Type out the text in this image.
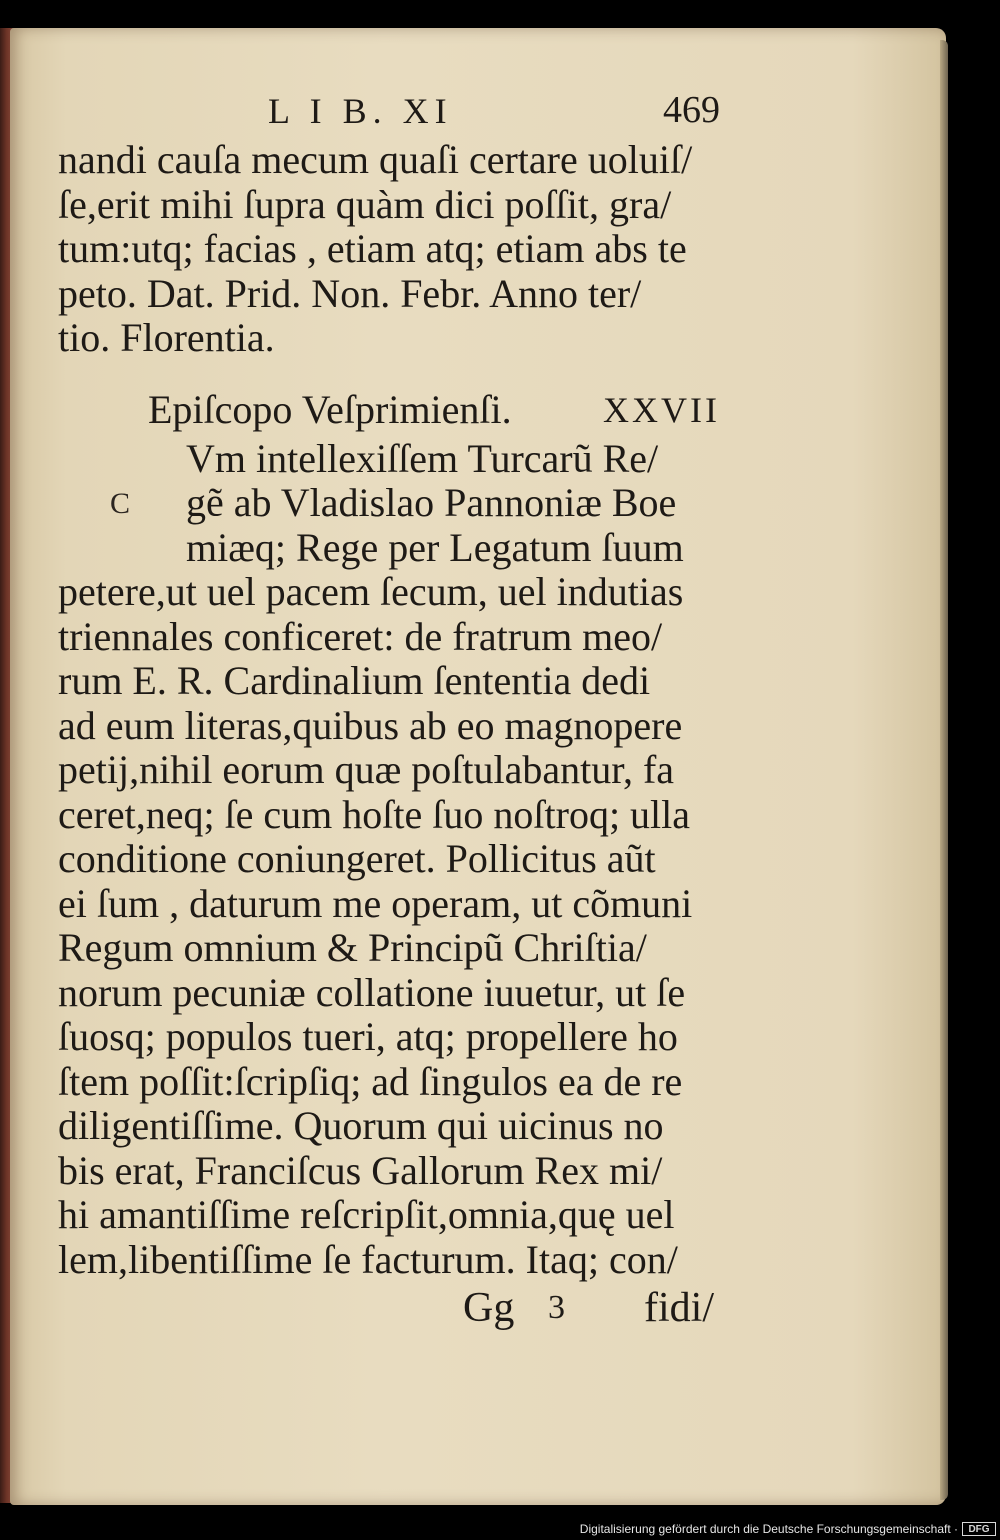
L I B. XI	469
nandi cauſa mecum quaſi certare uoluiſ/
ſe,erit mihi ſupra quàm dici poſſit, gra/
tum:utq; facias , etiam atq; etiam abs te
peto. Dat. Prid. Non. Febr. Anno ter/
tio. Florentia.
Epiſcopo Veſprimienſi.	XXVII
C
Vm intellexiſſem Turcarũ Re/
gẽ ab Vladislao Pannoniæ Boe
miæq; Rege per Legatum ſuum
petere,ut uel pacem ſecum, uel indutias
triennales conficeret: de fratrum meo/
rum E. R. Cardinalium ſententia dedi
ad eum literas,quibus ab eo magnopere
petij,nihil eorum quæ poſtulabantur, fa
ceret,neq; ſe cum hoſte ſuo noſtroq; ulla
conditione coniungeret. Pollicitus aũt
ei ſum , daturum me operam, ut cõmuni
Regum omnium & Principũ Chriſtia/
norum pecuniæ collatione iuuetur, ut ſe
ſuosq; populos tueri, atq; propellere ho
ſtem poſſit:ſcripſiq; ad ſingulos ea de re
diligentiſſime. Quorum qui uicinus no
bis erat, Franciſcus Gallorum Rex mi/
hi amantiſſime reſcripſit,omnia,quę uel
lem,libentiſſime ſe facturum. Itaq; con/
Gg 3 fidi/
Digitalisierung gefördert durch die Deutsche Forschungsgemeinschaft ·	DFG
